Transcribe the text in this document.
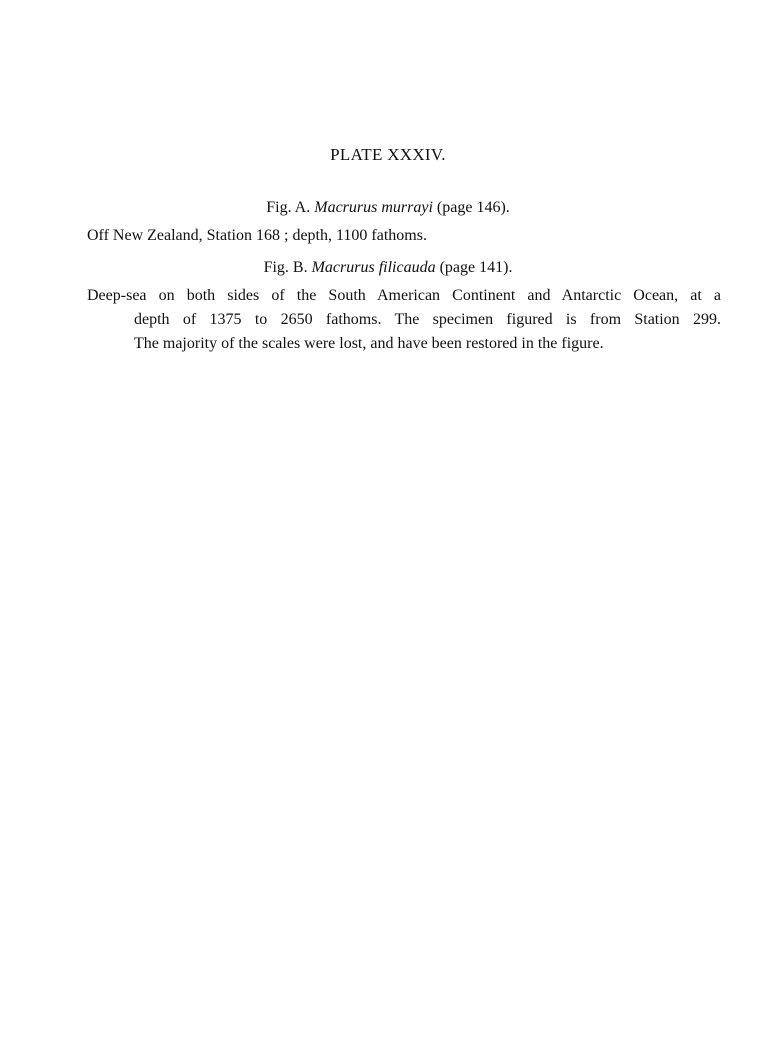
PLATE XXXIV.
Fig. A. Macrurus murrayi (page 146).
Off New Zealand, Station 168 ; depth, 1100 fathoms.
Fig. B. Macrurus filicauda (page 141).
Deep-sea on both sides of the South American Continent and Antarctic Ocean, at a
depth of 1375 to 2650 fathoms. The specimen figured is from Station 299.
The majority of the scales were lost, and have been restored in the figure.
